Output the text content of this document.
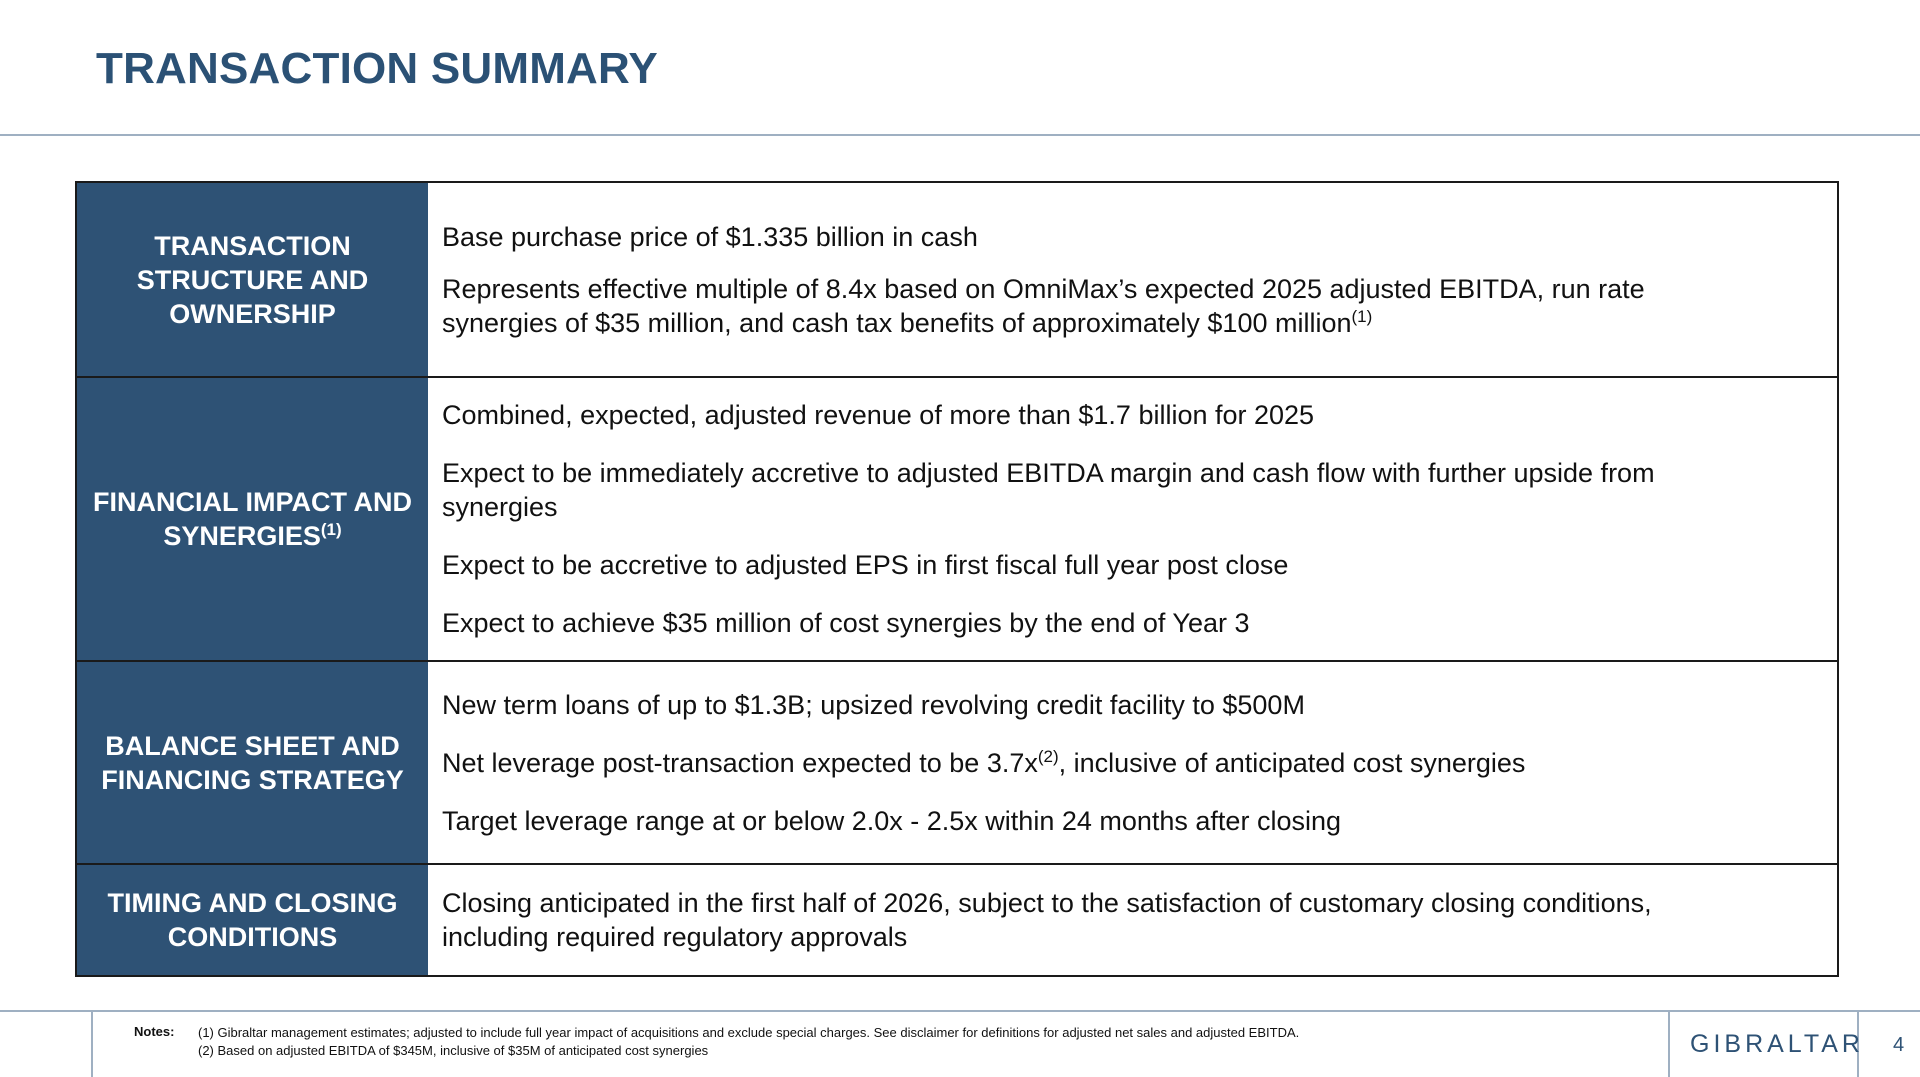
TRANSACTION SUMMARY
TRANSACTION STRUCTURE AND OWNERSHIP

Base purchase price of $1.335 billion in cash

Represents effective multiple of 8.4x based on OmniMax’s expected 2025 adjusted EBITDA, run rate synergies of $35 million, and cash tax benefits of approximately $100 million$^{(1)}$

FINANCIAL IMPACT AND SYNERGIES$^{(1)}$

Combined, expected, adjusted revenue of more than $1.7 billion for 2025

Expect to be immediately accretive to adjusted EBITDA margin and cash flow with further upside from synergies

Expect to be accretive to adjusted EPS in first fiscal full year post close

Expect to achieve $35 million of cost synergies by the end of Year 3

BALANCE SHEET AND FINANCING STRATEGY

New term loans of up to $1.3B; upsized revolving credit facility to $500M

Net leverage post-transaction expected to be $3.7x^{(2)}$, inclusive of anticipated cost synergies

Target leverage range at or below 2.0x - 2.5x within 24 months after closing

TIMING AND CLOSING CONDITIONS

Closing anticipated in the first half of 2026, subject to the satisfaction of customary closing conditions, including required regulatory approvals

Notes: (1) Gibraltar management estimates; adjusted to include full year impact of acquisitions and exclude special charges. See disclaimer for definitions for adjusted net sales and adjusted EBITDA.
(2) Based on adjusted EBITDA of $345M, inclusive of $35M of anticipated cost synergies	GIBRALTAR 4
